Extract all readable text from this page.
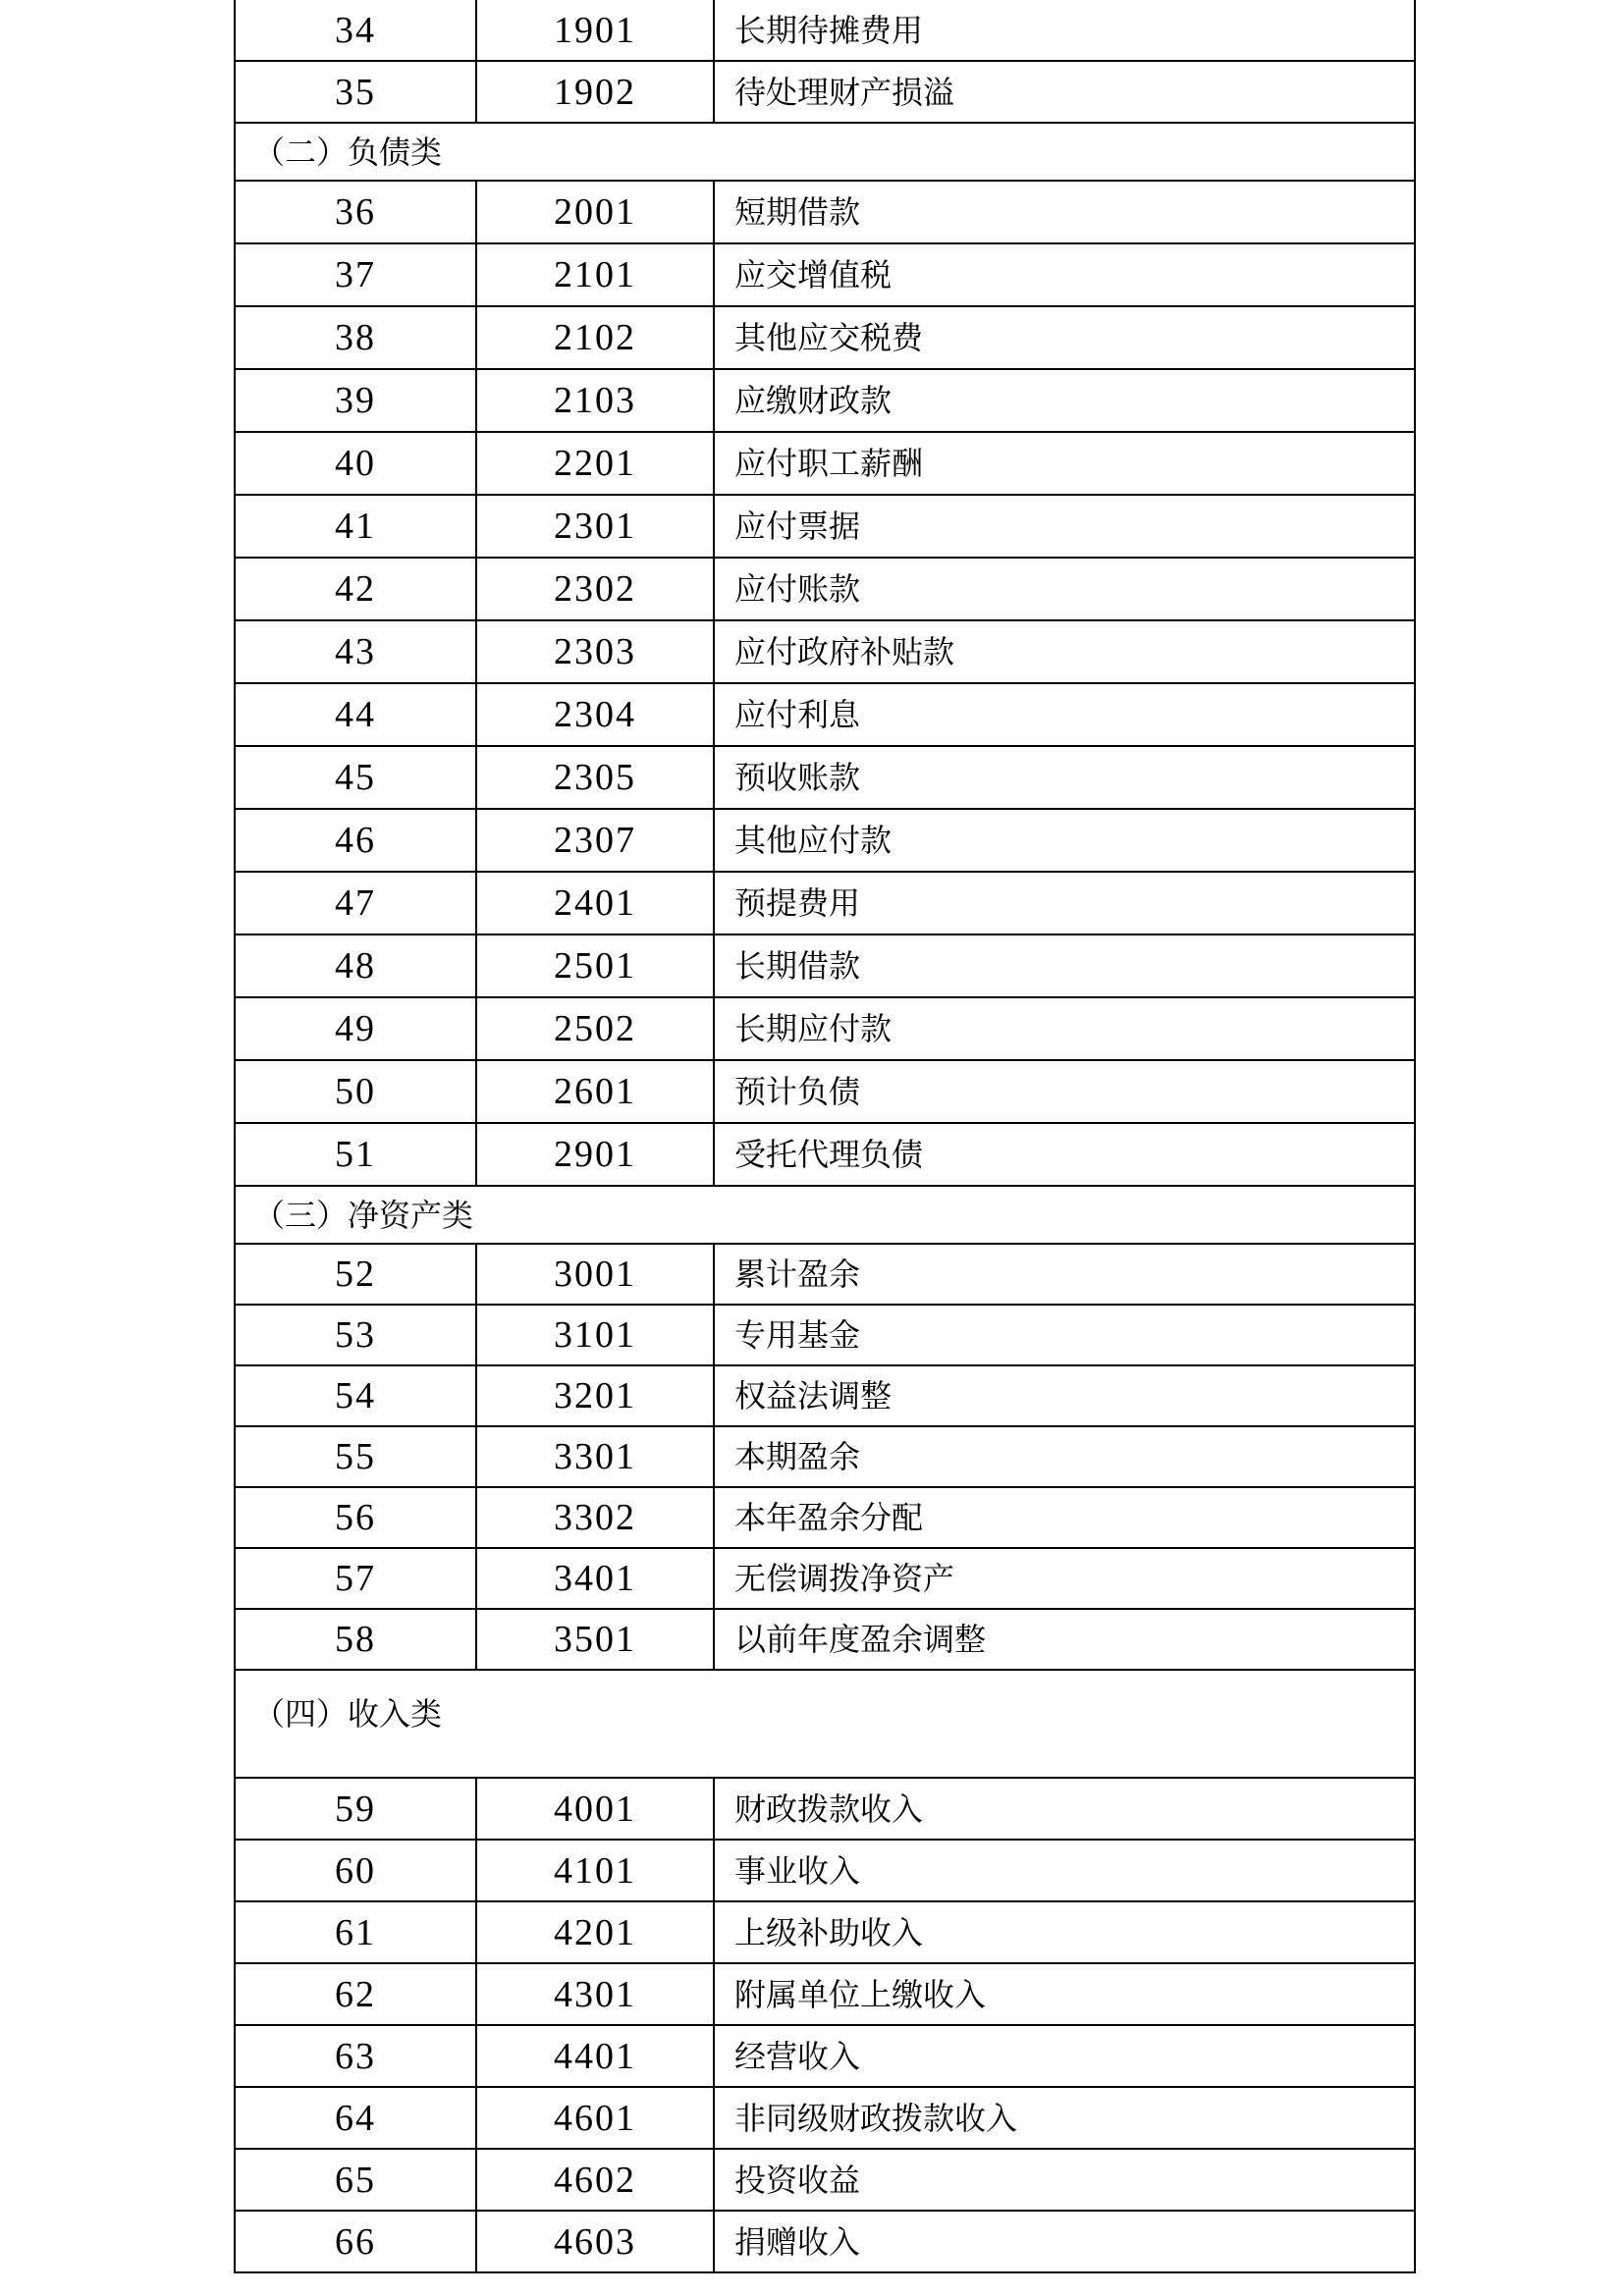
34	1901	长期待摊费用
35	1902	待处理财产损溢
（二）负债类
36	2001	短期借款
37	2101	应交增值税
38	2102	其他应交税费
39	2103	应缴财政款
40	2201	应付职工薪酬
41	2301	应付票据
42	2302	应付账款
43	2303	应付政府补贴款
44	2304	应付利息
45	2305	预收账款
46	2307	其他应付款
47	2401	预提费用
48	2501	长期借款
49	2502	长期应付款
50	2601	预计负债
51	2901	受托代理负债
（三）净资产类
52	3001	累计盈余
53	3101	专用基金
54	3201	权益法调整
55	3301	本期盈余
56	3302	本年盈余分配
57	3401	无偿调拨净资产
58	3501	以前年度盈余调整
（四）收入类
59	4001	财政拨款收入
60	4101	事业收入
61	4201	上级补助收入
62	4301	附属单位上缴收入
63	4401	经营收入
64	4601	非同级财政拨款收入
65	4602	投资收益
66	4603	捐赠收入
